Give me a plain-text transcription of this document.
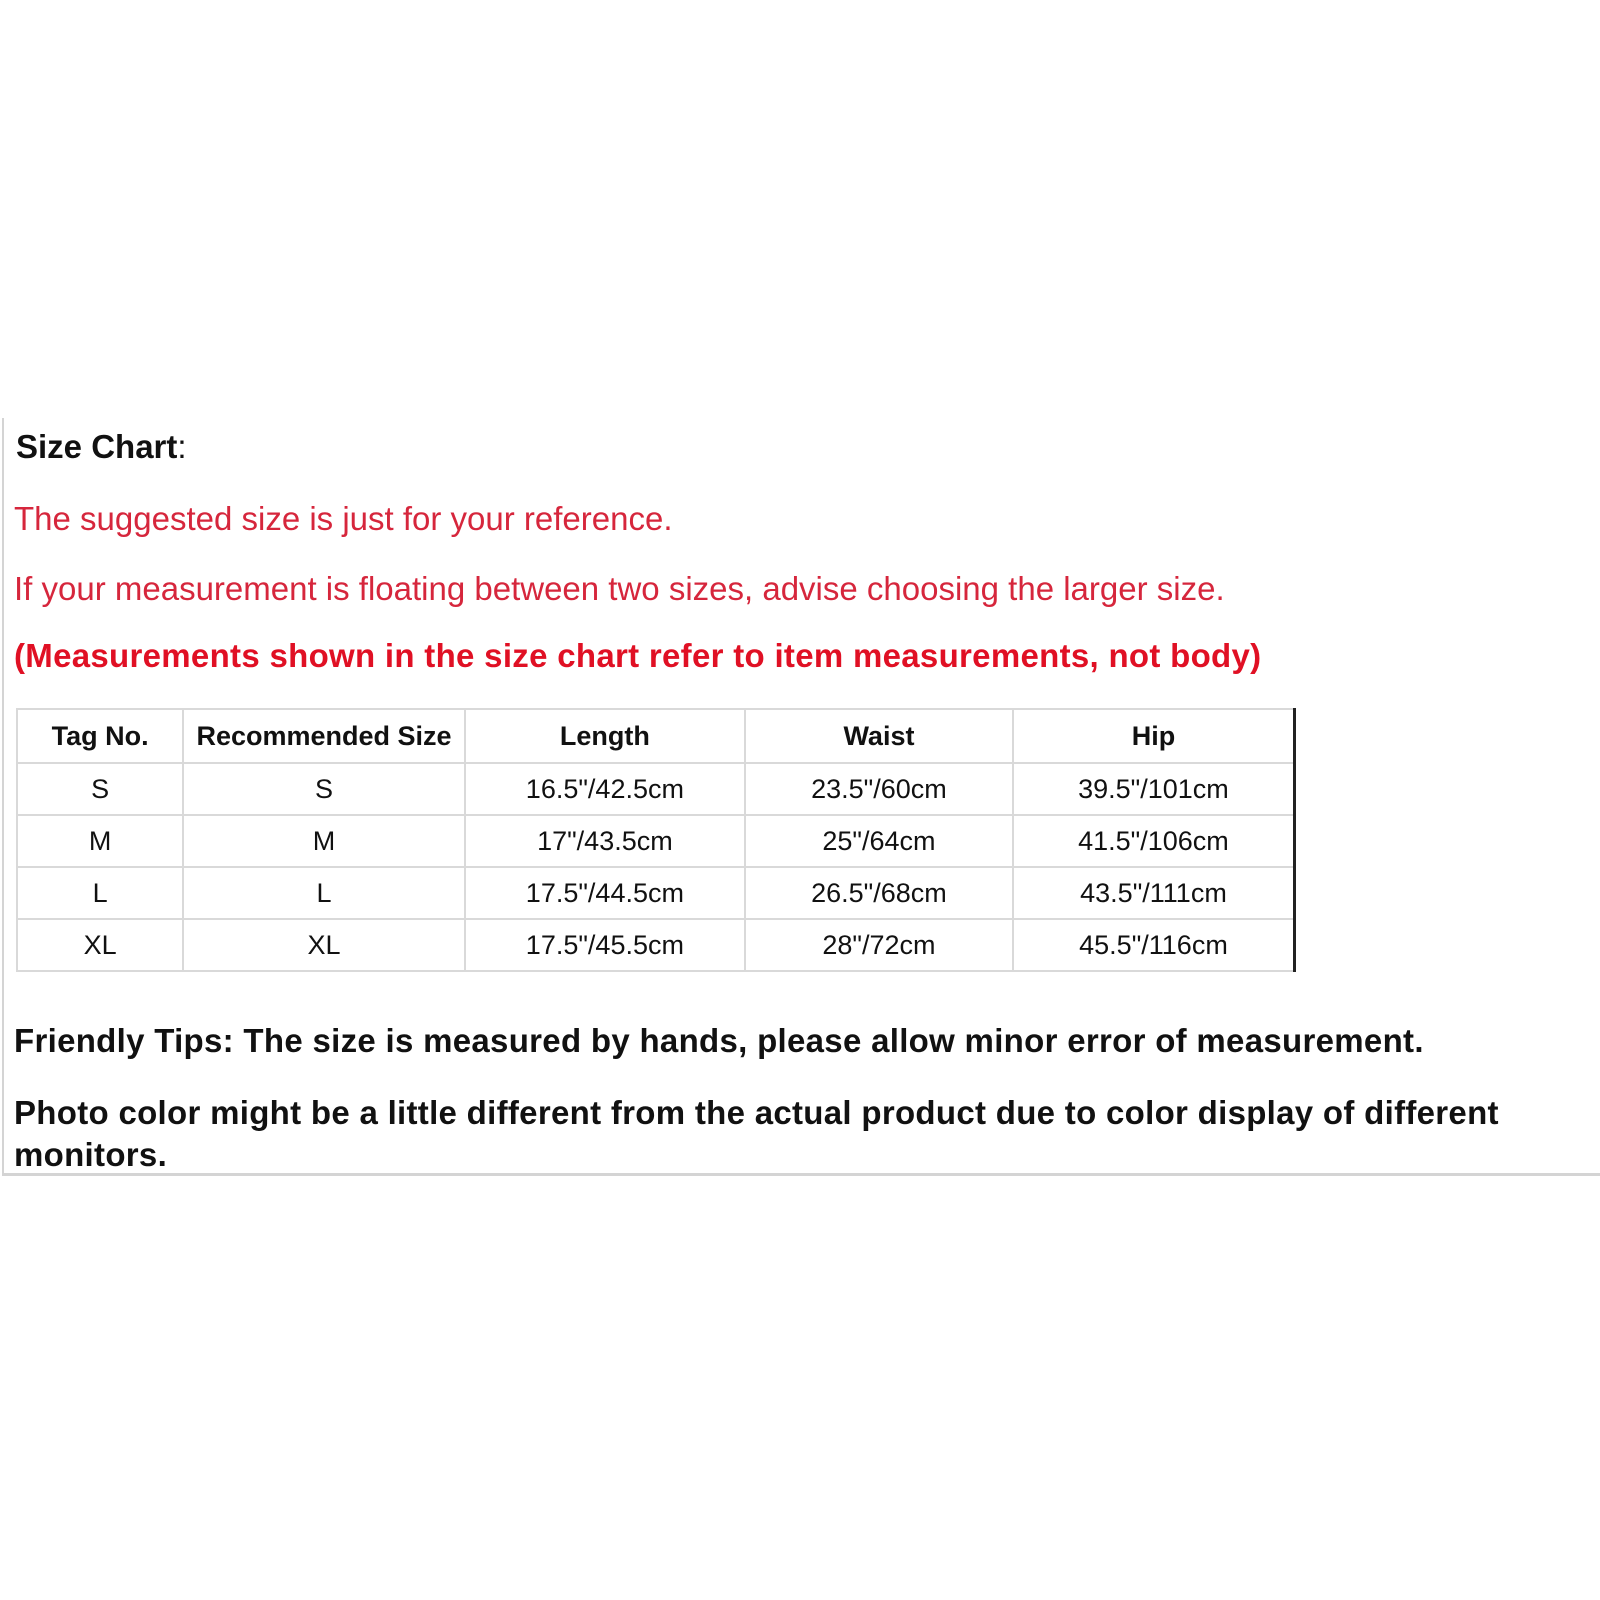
Size Chart:
The suggested size is just for your reference.
If your measurement is floating between two sizes, advise choosing the larger size.
(Measurements shown in the size chart refer to item measurements, not body)
Tag No.	Recommended Size	Length	Waist	Hip
S	S	16.5"/42.5cm	23.5"/60cm	39.5"/101cm
M	M	17"/43.5cm	25"/64cm	41.5"/106cm
L	L	17.5"/44.5cm	26.5"/68cm	43.5"/111cm
XL	XL	17.5"/45.5cm	28"/72cm	45.5"/116cm
Friendly Tips: The size is measured by hands, please allow minor error of measurement.
Photo color might be a little different from the actual product due to color display of different monitors.
